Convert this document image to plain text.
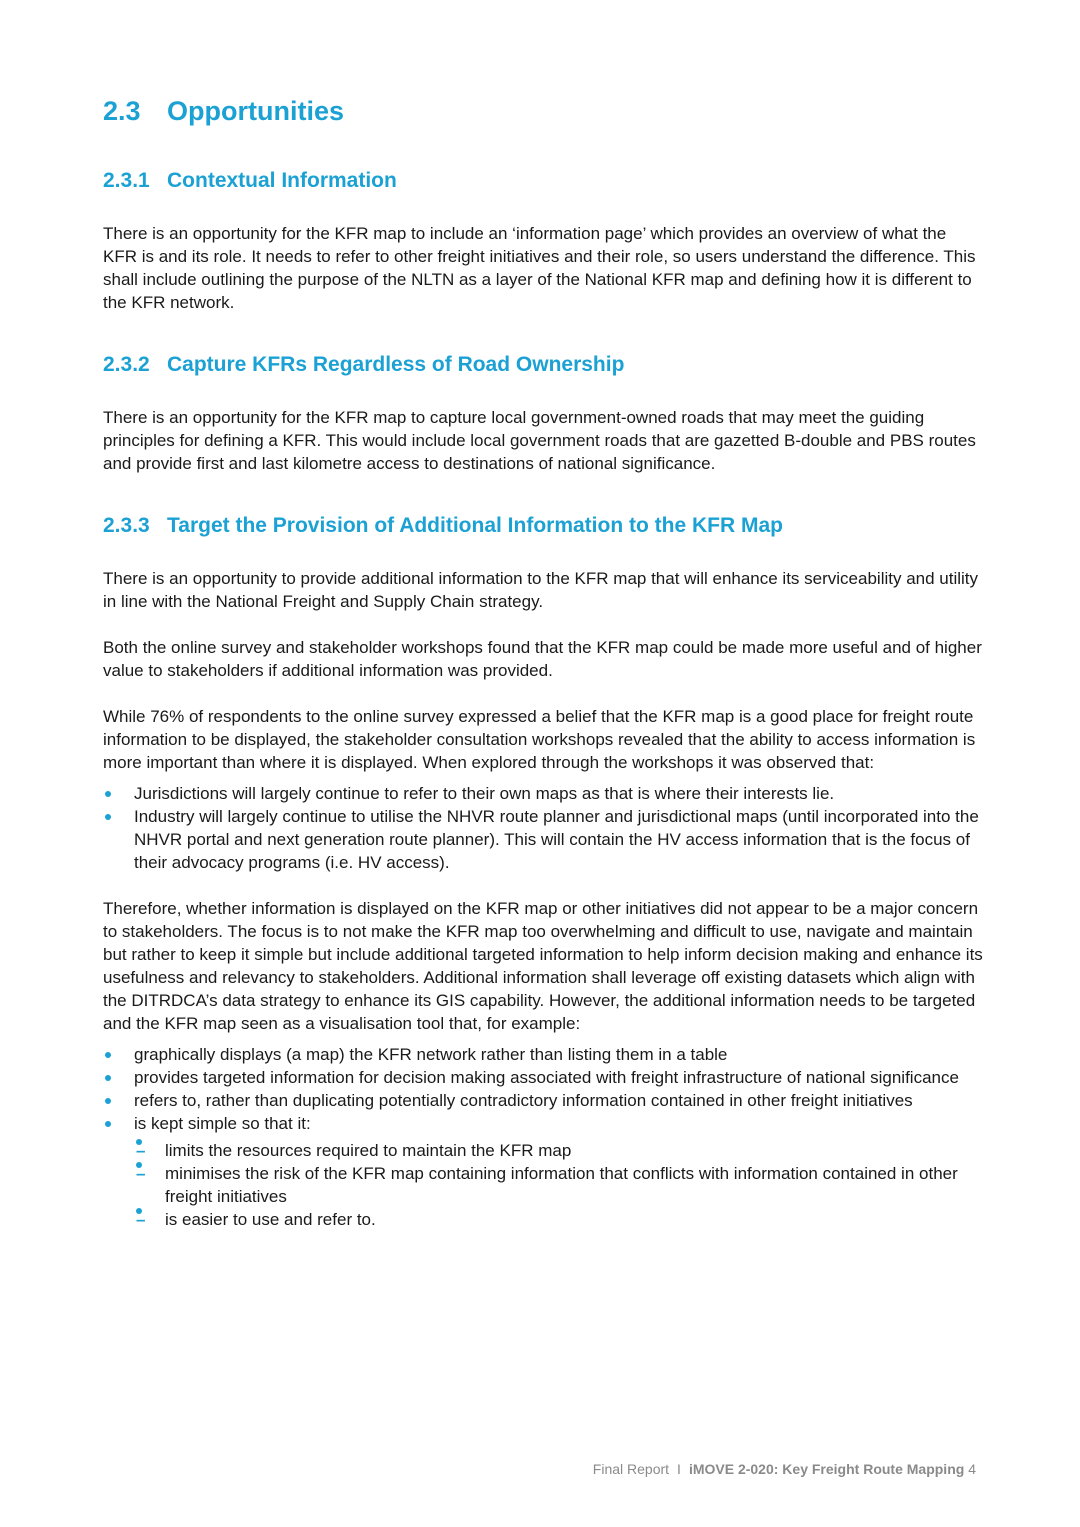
2.3 Opportunities
2.3.1 Contextual Information

There is an opportunity for the KFR map to include an ‘information page’ which provides an overview of what the KFR is and its role. It needs to refer to other freight initiatives and their role, so users understand the difference. This shall include outlining the purpose of the NLTN as a layer of the National KFR map and defining how it is different to the KFR network.

2.3.2 Capture KFRs Regardless of Road Ownership

There is an opportunity for the KFR map to capture local government-owned roads that may meet the guiding principles for defining a KFR. This would include local government roads that are gazetted B-double and PBS routes and provide first and last kilometre access to destinations of national significance.

2.3.3 Target the Provision of Additional Information to the KFR Map

There is an opportunity to provide additional information to the KFR map that will enhance its serviceability and utility in line with the National Freight and Supply Chain strategy.

Both the online survey and stakeholder workshops found that the KFR map could be made more useful and of higher value to stakeholders if additional information was provided.

While 76% of respondents to the online survey expressed a belief that the KFR map is a good place for freight route information to be displayed, the stakeholder consultation workshops revealed that the ability to access information is more important than where it is displayed. When explored through the workshops it was observed that:

Jurisdictions will largely continue to refer to their own maps as that is where their interests lie.
Industry will largely continue to utilise the NHVR route planner and jurisdictional maps (until incorporated into the NHVR portal and next generation route planner). This will contain the HV access information that is the focus of their advocacy programs (i.e. HV access).

Therefore, whether information is displayed on the KFR map or other initiatives did not appear to be a major concern to stakeholders. The focus is to not make the KFR map too overwhelming and difficult to use, navigate and maintain but rather to keep it simple but include additional targeted information to help inform decision making and enhance its usefulness and relevancy to stakeholders. Additional information shall leverage off existing datasets which align with the DITRDCA’s data strategy to enhance its GIS capability. However, the additional information needs to be targeted and the KFR map seen as a visualisation tool that, for example:

graphically displays (a map) the KFR network rather than listing them in a table
provides targeted information for decision making associated with freight infrastructure of national significance
refers to, rather than duplicating potentially contradictory information contained in other freight initiatives
is kept simple so that it:
– limits the resources required to maintain the KFR map
– minimises the risk of the KFR map containing information that conflicts with information contained in other freight initiatives
– is easier to use and refer to.
Final Report I iMOVE 2-020: Key Freight Route Mapping 4
